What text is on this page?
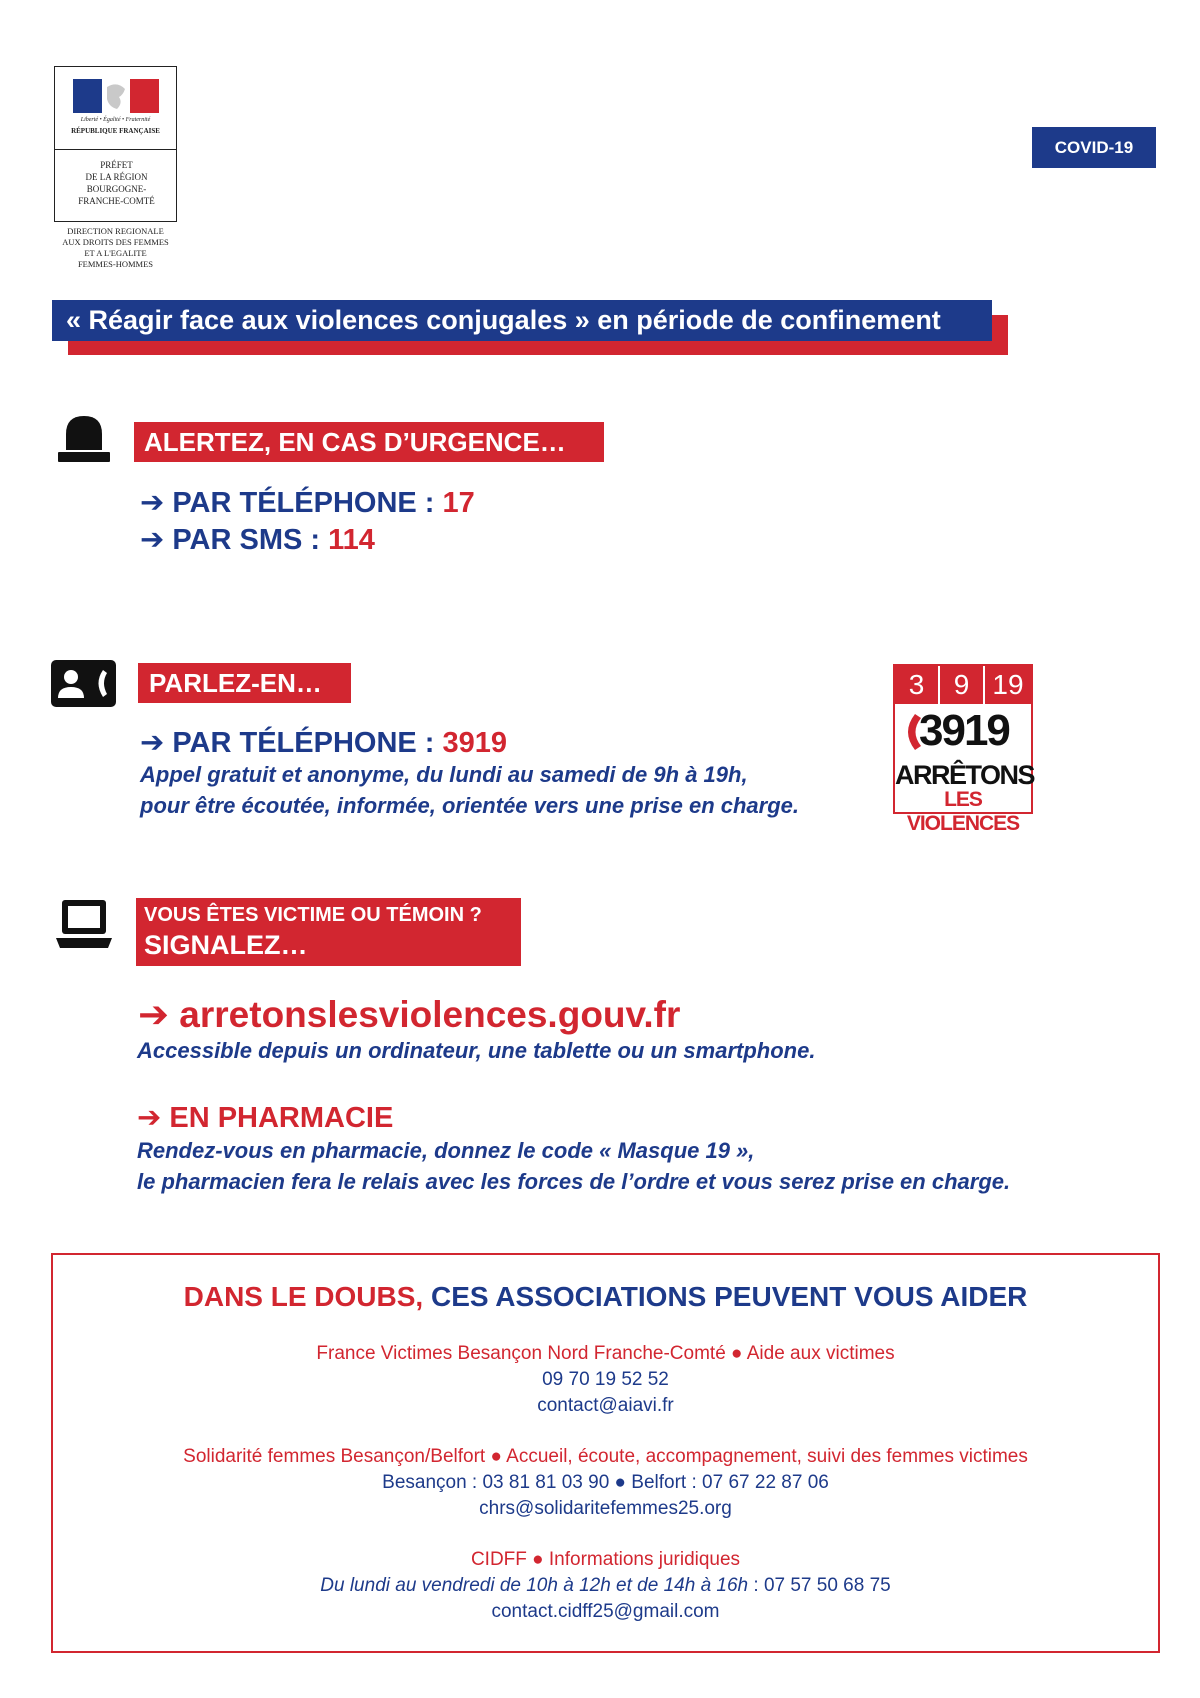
Liberté • Égalité • Fraternité
RÉPUBLIQUE FRANÇAISE
PRÉFET
DE LA RÉGION
BOURGOGNE-
FRANCHE-COMTÉ
DIRECTION REGIONALE
AUX DROITS DES FEMMES
ET A L'EGALITE
FEMMES-HOMMES
COVID-19
« Réagir face aux violences conjugales » en période de confinement
ALERTEZ, EN CAS D’URGENCE…
➔ PAR TÉLÉPHONE : 17
➔ PAR SMS : 114
PARLEZ-EN…
➔ PAR TÉLÉPHONE : 3919
Appel gratuit et anonyme, du lundi au samedi de 9h à 19h,
pour être écoutée, informée, orientée vers une prise en charge.
3	9 19
3919
ARRÊTONS
LES VIOLENCES
VOUS ÊTES VICTIME OU TÉMOIN ?
SIGNALEZ…
➔ arretonslesviolences.gouv.fr
Accessible depuis un ordinateur, une tablette ou un smartphone.
➔ EN PHARMACIE
Rendez-vous en pharmacie, donnez le code « Masque 19 »,
le pharmacien fera le relais avec les forces de l’ordre et vous serez prise en charge.
DANS LE DOUBS, CES ASSOCIATIONS PEUVENT VOUS AIDER
France Victimes Besançon Nord Franche-Comté ● Aide aux victimes
09 70 19 52 52
contact@aiavi.fr
Solidarité femmes Besançon/Belfort ● Accueil, écoute, accompagnement, suivi des femmes victimes
Besançon : 03 81 81 03 90 ● Belfort : 07 67 22 87 06
chrs@solidaritefemmes25.org
CIDFF ● Informations juridiques
Du lundi au vendredi de 10h à 12h et de 14h à 16h : 07 57 50 68 75
contact.cidff25@gmail.com
